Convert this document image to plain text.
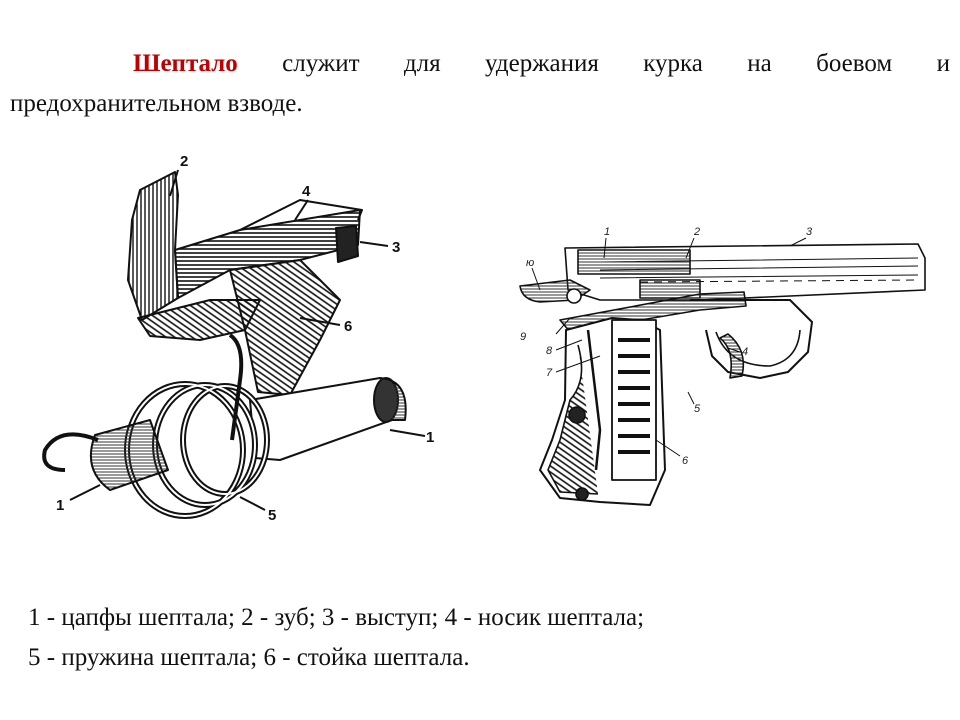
Шептало служит для удержания курка на боевом и
предохранительном взводе.
2
4
3
6
1
5
1
ю
1	2	3
4
5
6
7
8
9
1 - цапфы шептала; 2 - зуб; 3 - выступ; 4 - носик шептала;
5 - пружина шептала; 6 - стойка шептала.
